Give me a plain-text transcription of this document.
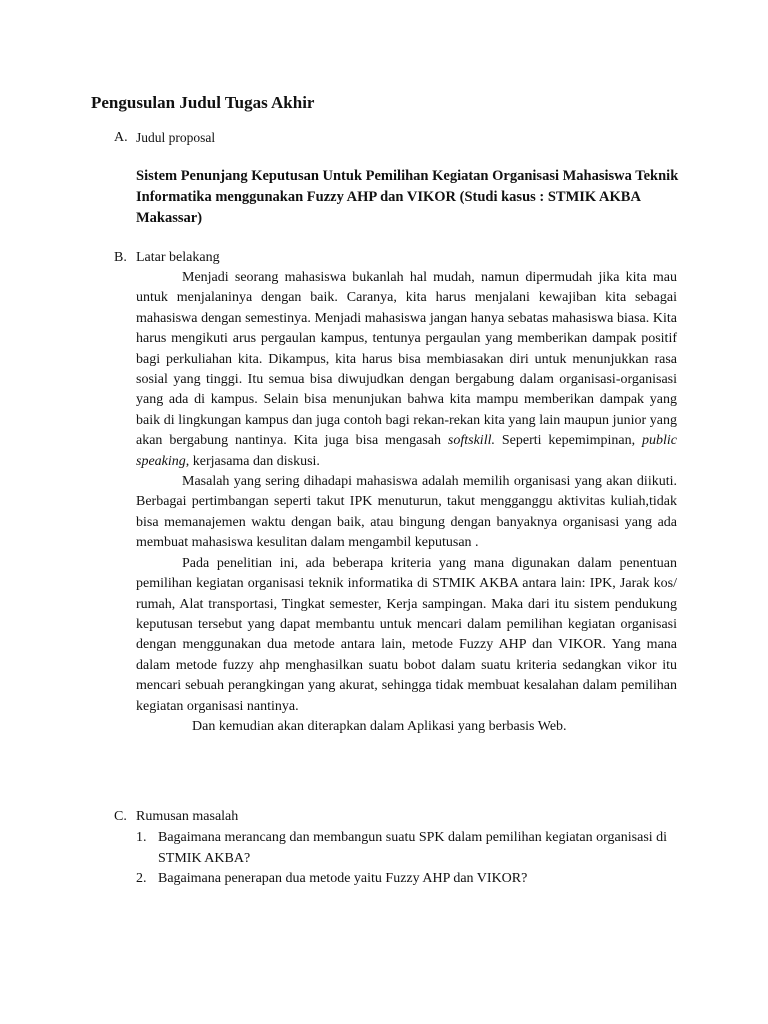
Pengusulan Judul Tugas Akhir
A. Judul proposal

Sistem Penunjang Keputusan Untuk Pemilihan Kegiatan Organisasi Mahasiswa Teknik Informatika menggunakan Fuzzy AHP dan VIKOR (Studi kasus : STMIK AKBA Makassar)

B. Latar belakang

Menjadi seorang mahasiswa bukanlah hal mudah, namun dipermudah jika kita mau untuk menjalaninya dengan baik. Caranya, kita harus menjalani kewajiban kita sebagai mahasiswa dengan semestinya. Menjadi mahasiswa jangan hanya sebatas mahasiswa biasa. Kita harus mengikuti arus pergaulan kampus, tentunya pergaulan yang memberikan dampak positif bagi perkuliahan kita. Dikampus, kita harus bisa membiasakan diri untuk menunjukkan rasa sosial yang tinggi. Itu semua bisa diwujudkan dengan bergabung dalam organisasi-organisasi yang ada di kampus. Selain bisa menunjukan bahwa kita mampu memberikan dampak yang baik di lingkungan kampus dan juga contoh bagi rekan-rekan kita yang lain maupun junior yang akan bergabung nantinya. Kita juga bisa mengasah softskill. Seperti kepemimpinan, public speaking, kerjasama dan diskusi.

Masalah yang sering dihadapi mahasiswa adalah memilih organisasi yang akan diikuti. Berbagai pertimbangan seperti takut IPK menuturun, takut mengganggu aktivitas kuliah,tidak bisa memanajemen waktu dengan baik, atau bingung dengan banyaknya organisasi yang ada membuat mahasiswa kesulitan dalam mengambil keputusan .

Pada penelitian ini, ada beberapa kriteria yang mana digunakan dalam penentuan pemilihan kegiatan organisasi teknik informatika di STMIK AKBA antara lain: IPK, Jarak kos/ rumah, Alat transportasi, Tingkat semester, Kerja sampingan. Maka dari itu sistem pendukung keputusan tersebut yang dapat membantu untuk mencari dalam pemilihan kegiatan organisasi dengan menggunakan dua metode antara lain, metode Fuzzy AHP dan VIKOR. Yang mana dalam metode fuzzy ahp menghasilkan suatu bobot dalam suatu kriteria sedangkan vikor itu mencari sebuah perangkingan yang akurat, sehingga tidak membuat kesalahan dalam pemilihan kegiatan organisasi nantinya.

Dan kemudian akan diterapkan dalam Aplikasi yang berbasis Web.

C. Rumusan masalah
1. Bagaimana merancang dan membangun suatu SPK dalam pemilihan kegiatan organisasi di STMIK AKBA?
2. Bagaimana penerapan dua metode yaitu Fuzzy AHP dan VIKOR?
